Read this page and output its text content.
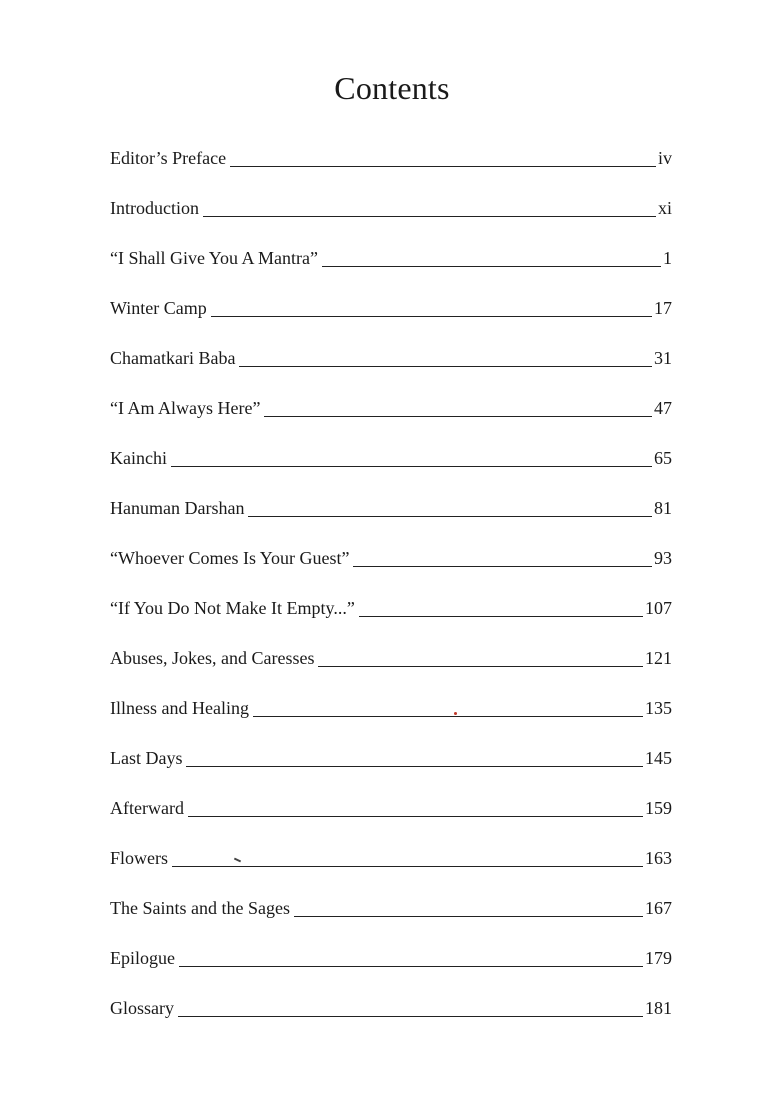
Contents
Editor’s Preface	iv
Introduction	xi
“I Shall Give You A Mantra”	1
Winter Camp	17
Chamatkari Baba	31
“I Am Always Here”	47
Kainchi	65
Hanuman Darshan	81
“Whoever Comes Is Your Guest”	93
“If You Do Not Make It Empty...”	107
Abuses, Jokes, and Caresses	121
Illness and Healing	135
Last Days	145
Afterward	159
Flowers	163
The Saints and the Sages	167
Epilogue	179
Glossary	181
